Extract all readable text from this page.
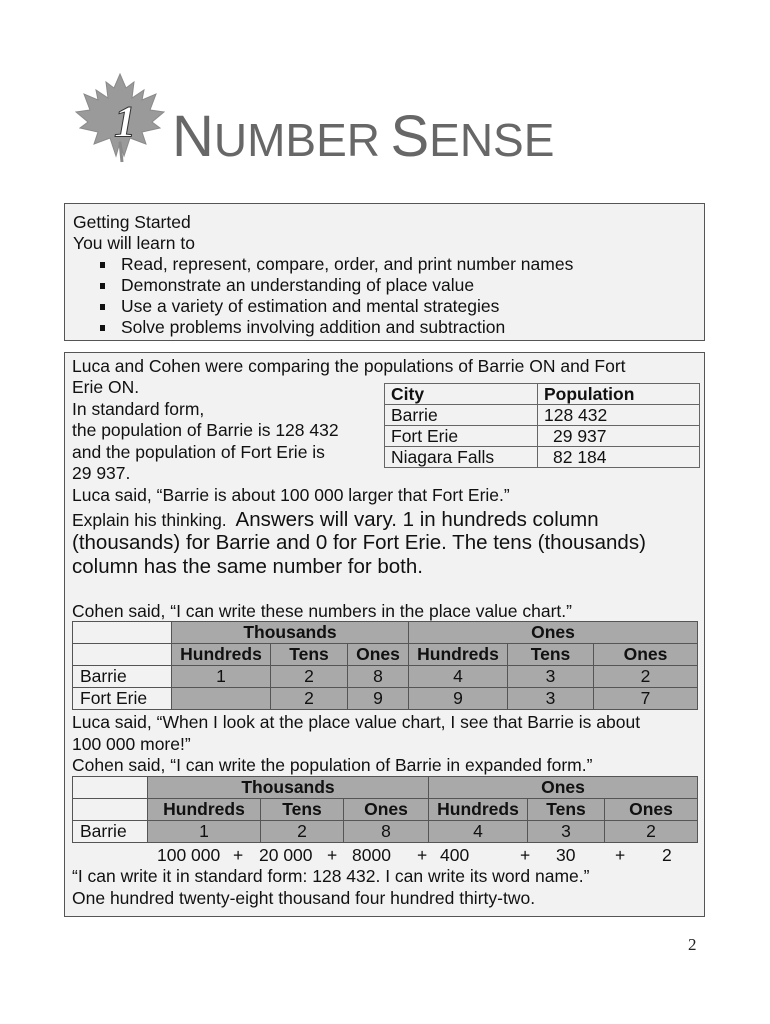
1 NUMBER SENSE
Getting Started
You will learn to
Read, represent, compare, order, and print number names
Demonstrate an understanding of place value
Use a variety of estimation and mental strategies
Solve problems involving addition and subtraction
Luca and Cohen were comparing the populations of Barrie ON and Fort
Erie ON.
In standard form,
the population of Barrie is 128 432
and the population of Fort Erie is
29 937.
City	Population
Barrie	128 432
Fort Erie	29 937
Niagara Falls	82 184
Luca said, “Barrie is about 100 000 larger that Fort Erie.”
Explain his thinking. Answers will vary. 1 in hundreds column
(thousands) for Barrie and 0 for Fort Erie. The tens (thousands)
column has the same number for both.
Cohen said, “I can write these numbers in the place value chart.”
	Thousands			Ones		
	Hundreds	Tens	Ones	Hundreds	Tens	Ones
Barrie	1	2	8	4	3	2
Fort Erie		2	9	9	3	7
Luca said, “When I look at the place value chart, I see that Barrie is about
100 000 more!”
Cohen said, “I can write the population of Barrie in expanded form.”
	Thousands			Ones		
	Hundreds	Tens	Ones	Hundreds	Tens	Ones
Barrie	1	2	8	4	3	2
100 000 + 20 000 + 8000 + 400	+ 30 + 2
“I can write it in standard form: 128 432. I can write its word name.”
One hundred twenty-eight thousand four hundred thirty-two.
2
